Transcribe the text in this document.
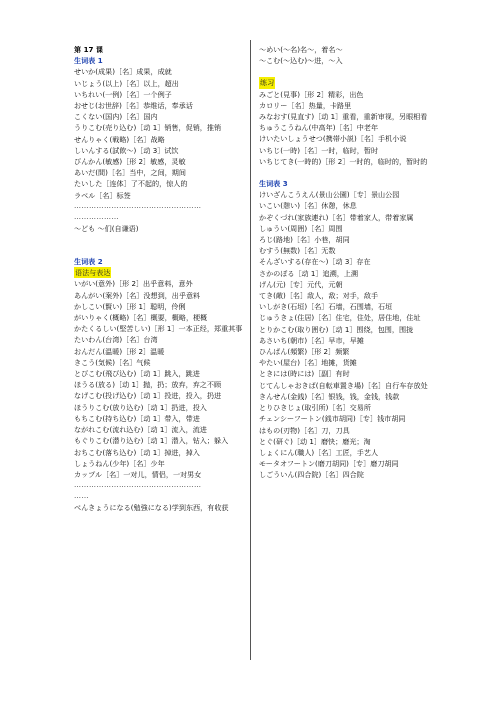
第 17 课
生词表 1
せいか(成果)［名］成果，成就
いじょう(以上)［名］以上，超出
いちれい(一例)［名］一个例子
おせじ(お世辞)［名］恭维话，奉承话
こくない(国内)［名］国内
うりこむ(売り込む)［动 1］销售，促销，推销
せんりゃく(戦略)［名］战略
しいんする(試飲～)［动 3］试饮
びんかん(敏感)［形 2］敏感，灵敏
あいだ(間)［名］当中，之间，期间
たいした［连体］了不起的，惊人的
ラベル［名］标签
……………………………………………
………………
～ども ～们(自谦语)
生词表 2
语法与表达
いがい(意外)［形 2］出乎意料，意外
あんがい(案外)［名］没想到，出乎意料
かしこい(賢い)［形 1］聪明，伶俐
がいりゃく(概略)［名］概要，概略，梗概
かたくるしい(堅苦しい)［形 1］一本正经，郑重其事
たいわん(台湾)［名］台湾
おんだん(温暖)［形 2］温暖
きこう(気候)［名］气候
とびこむ(飛び込む)［动 1］跳入，跳进
ほうる(放る)［动 1］抛，扔；放弃，弃之不顾
なげこむ(投げ込む)［动 1］投进，投入，扔进
ほうりこむ(放り込む)［动 1］扔进，投入
もちこむ(持ち込む)［动 1］带入，带进
ながれこむ(流れ込む)［动 1］流入，流进
もぐりこむ(潜り込む)［动 1］潜入，钻入；躲入
おちこむ(落ち込む)［动 1］掉进，掉入
しょうねん(少年)［名］少年
カップル［名］一对儿，情侣，一对男女
……………………………………………
……
べんきょうになる(勉強になる)学到东西，有收获
～めい(～名)名～，着名～
～こむ(～込む)～进，～入
练习
みごと(見事)［形 2］精彩，出色
カロリー［名］热量，卡路里
みなおす(見直す)［动 1］重看，重新审视，另眼相看
ちゅうこうねん(中高年)［名］中老年
けいたいしょうせつ(携帯小説)［名］手机小说
いちじ(一時)［名］一时，临时，暂时
いちじてき(一時的)［形 2］一时的，临时的，暂时的
生词表 3
けいざんこうえん(景山公園)［专］景山公园
いこい(憩い)［名］休憩，休息
かぞくづれ(家族連れ)［名］带着家人，带着家属
しゅうい(周囲)［名］周围
ろじ(路地)［名］小巷，胡同
むすう(無数)［名］无数
そんざいする(存在～)［动 3］存在
さかのぼる［动 1］追溯，上溯
げん(元)［专］元代，元朝
てき(敵)［名］敌人，敌；对手，敌手
いしがき(石垣)［名］石墙，石围墙，石垣
じゅうきょ(住居)［名］住宅，住处，居住地，住址
とりかこむ(取り囲む)［动 1］围绕，包围，围拢
あさいち(朝市)［名］早市，早摊
ひんぱん(頻繁)［形 2］频繁
やたい(屋台)［名］地摊，货摊
ときには(時には)［副］有时
じてんしゃおきば(自転車置き場)［名］自行车存放处
きんせん(金銭)［名］银钱，钱，金钱，钱款
とりひきじょ(取引所)［名］交易所
チェンシーフートン(銭市胡同)［专］钱市胡同
はもの(刃物)［名］刀，刀具
とぐ(研ぐ)［动 1］磨快；磨光；淘
しょくにん(職人)［名］工匠，手艺人
モータオフートン(磨刀胡同)［专］磨刀胡同
しごういん(四合院)［名］四合院
